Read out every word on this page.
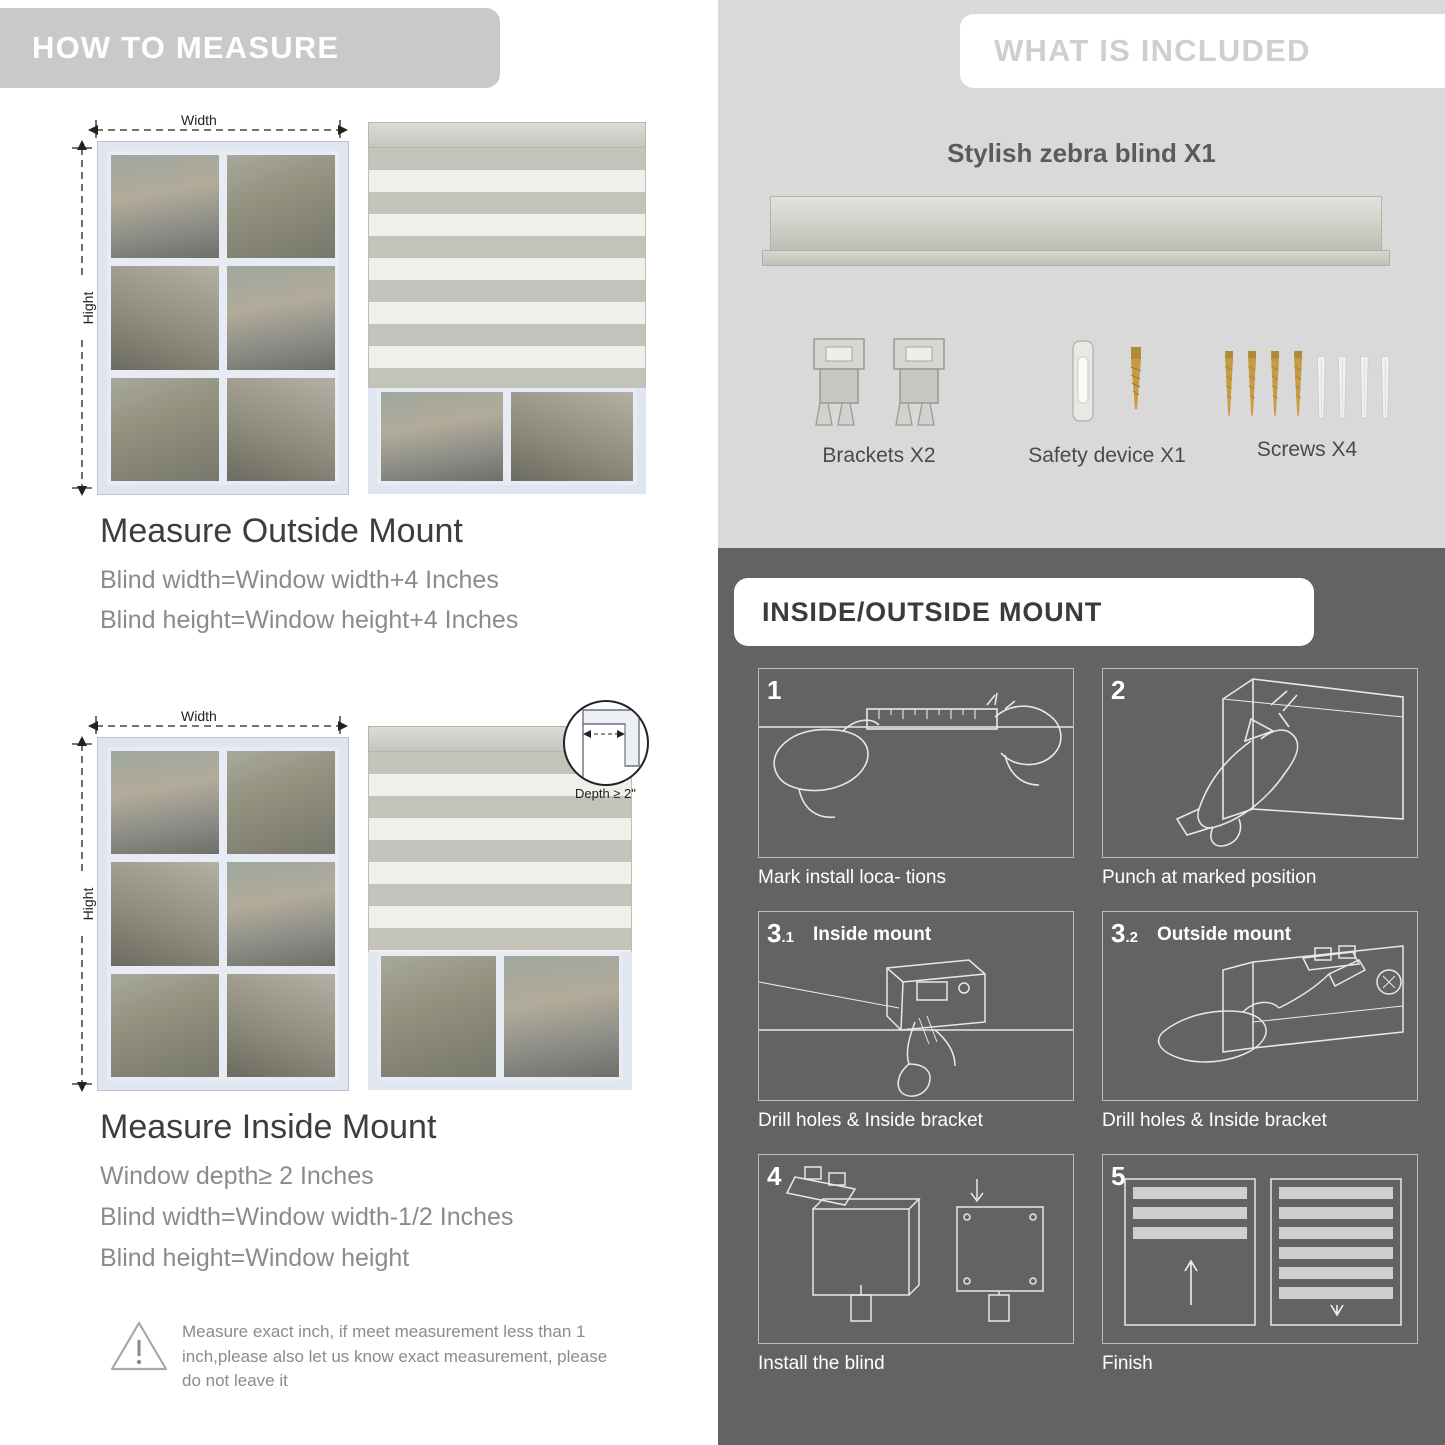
HOW TO MEASURE
Width
Hight
Measure Outside Mount
Blind width=Window width+4 Inches
Blind height=Window height+4 Inches
Width
Hight
Depth ≥ 2"
Measure Inside Mount
Window depth≥ 2 Inches
Blind width=Window width-1/2 Inches
Blind height=Window height

Measure exact inch, if meet measurement less than 1 inch,please also let us know exact measurement, please do not leave it

WHAT IS INCLUDED
Stylish zebra blind X1
Brackets X2	Safety device X1	Screws X4
INSIDE/OUTSIDE MOUNT
1
Mark install loca- tions
2
Punch at marked position
3.1 Inside mount
Drill holes & Inside bracket
3.2 Outside mount
Drill holes & Inside bracket
4
Install the blind
5
Finish
